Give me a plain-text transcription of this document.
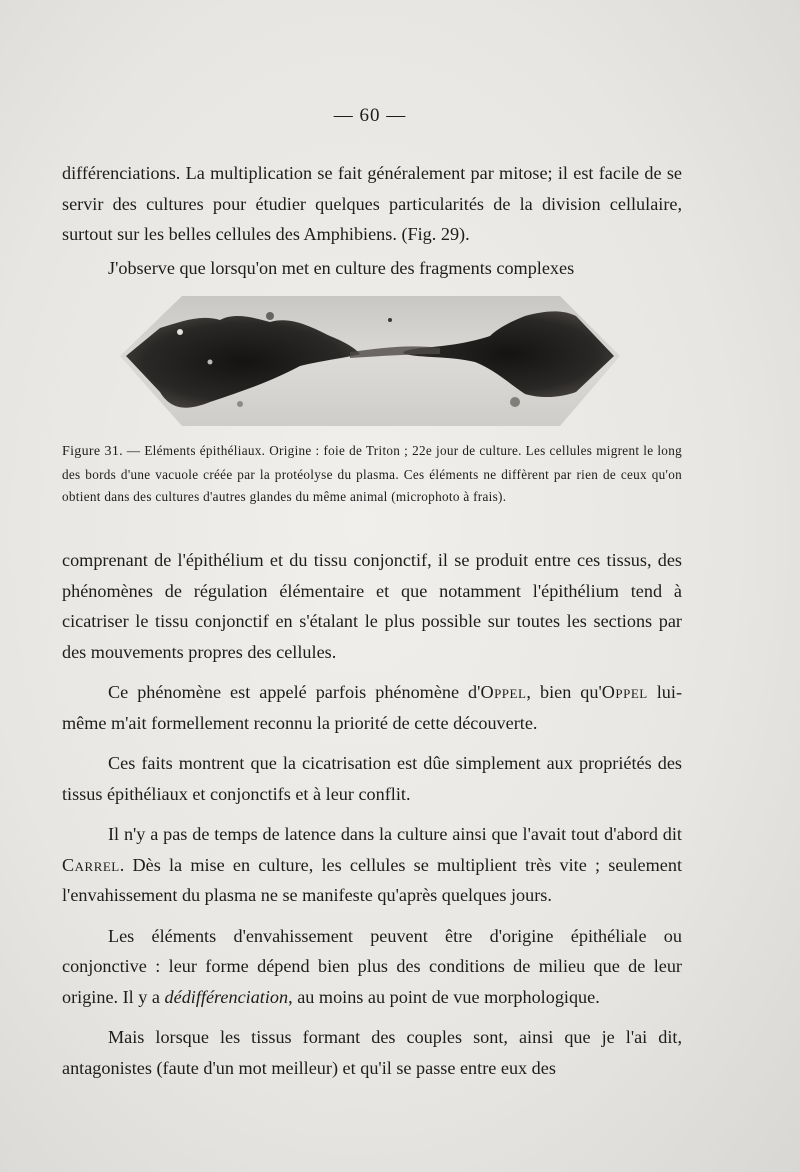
— 60 —

différenciations. La multiplication se fait généralement par mitose; il est facile de se servir des cultures pour étudier quelques particularités de la division cellulaire, surtout sur les belles cellules des Amphibiens. (Fig. 29).

J'observe que lorsqu'on met en culture des fragments complexes

Figure 31. — Eléments épithéliaux. Origine : foie de Triton ; 22e jour de culture. Les cellules migrent le long des bords d'une vacuole créée par la protéolyse du plasma. Ces éléments ne diffèrent par rien de ceux qu'on obtient dans des cultures d'autres glandes du même animal (microphoto à frais).

comprenant de l'épithélium et du tissu conjonctif, il se produit entre ces tissus, des phénomènes de régulation élémentaire et que notamment l'épithélium tend à cicatriser le tissu conjonctif en s'étalant le plus possible sur toutes les sections par des mouvements propres des cellules.

Ce phénomène est appelé parfois phénomène d'Oppel, bien qu'Oppel lui-même m'ait formellement reconnu la priorité de cette découverte.

Ces faits montrent que la cicatrisation est dûe simplement aux propriétés des tissus épithéliaux et conjonctifs et à leur conflit.

Il n'y a pas de temps de latence dans la culture ainsi que l'avait tout d'abord dit Carrel. Dès la mise en culture, les cellules se multiplient très vite ; seulement l'envahissement du plasma ne se manifeste qu'après quelques jours.

Les éléments d'envahissement peuvent être d'origine épithéliale ou conjonctive : leur forme dépend bien plus des conditions de milieu que de leur origine. Il y a dédifférenciation, au moins au point de vue morphologique.

Mais lorsque les tissus formant des couples sont, ainsi que je l'ai dit, antagonistes (faute d'un mot meilleur) et qu'il se passe entre eux des
